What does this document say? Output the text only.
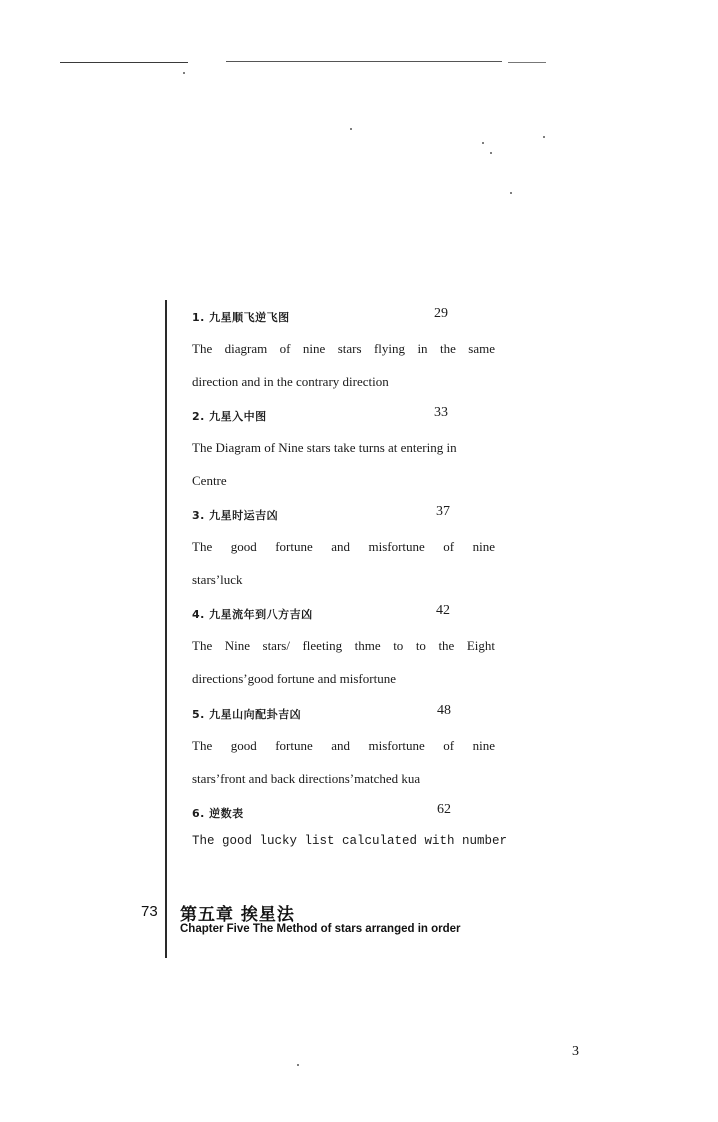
1. 九星顺飞逆飞图	29
The diagram of nine stars flying in the same
direction and in the contrary direction
2. 九星入中图	33
The Diagram of Nine stars take turns at entering in
Centre
3. 九星时运吉凶	37
The good fortune and misfortune of nine
stars’luck
4. 九星流年到八方吉凶	42
The Nine stars/ fleeting thme to to the Eight
directions’good fortune and misfortune
5. 九星山向配卦吉凶	48
The good fortune and misfortune of nine
stars’front and back directions’matched kua
6. 逆数表	62
The good lucky list calculated with number
73 第五章 挨星法
Chapter Five The Method of stars arranged in order
3
